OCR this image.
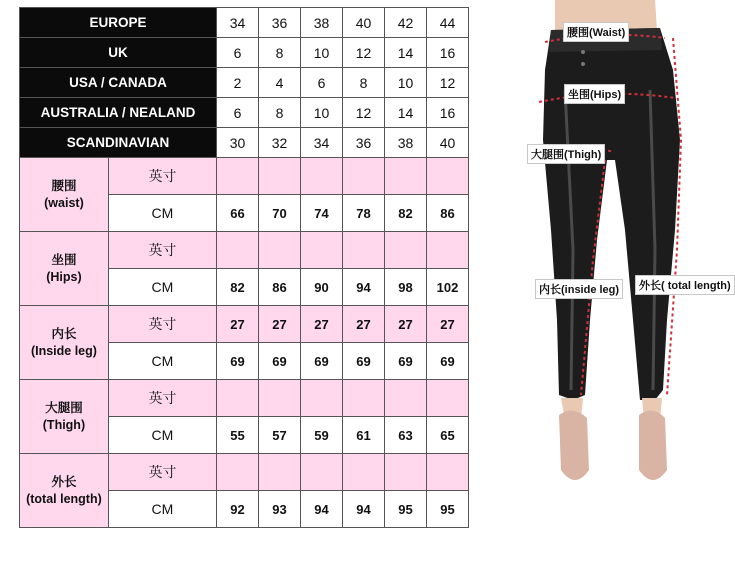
EUROPE		34	36	38	40	42	44
UK		6	8	10	12	14	16
USA / CANADA		2	4	6	8	10	12
AUSTRALIA / NEALAND		6	8	10	12	14	16
SCANDINAVIAN		30	32	34	36	38	40

腰围
(waist)	英寸						
	CM	66	70	74	78	82	86

坐围
(Hips)	英寸						
	CM	82	86	90	94	98	102

内长
(Inside leg)	英寸	27	27	27	27	27	27
	CM	69	69	69	69	69	69

大腿围
(Thigh)	英寸						
	CM	55	57	59	61	63	65

外长
(total length)	英寸						
	CM	92	93	94	94	95	95
腰围(Waist)
坐围(Hips)
大腿围(Thigh)
内长(inside leg)	外长( total length)
